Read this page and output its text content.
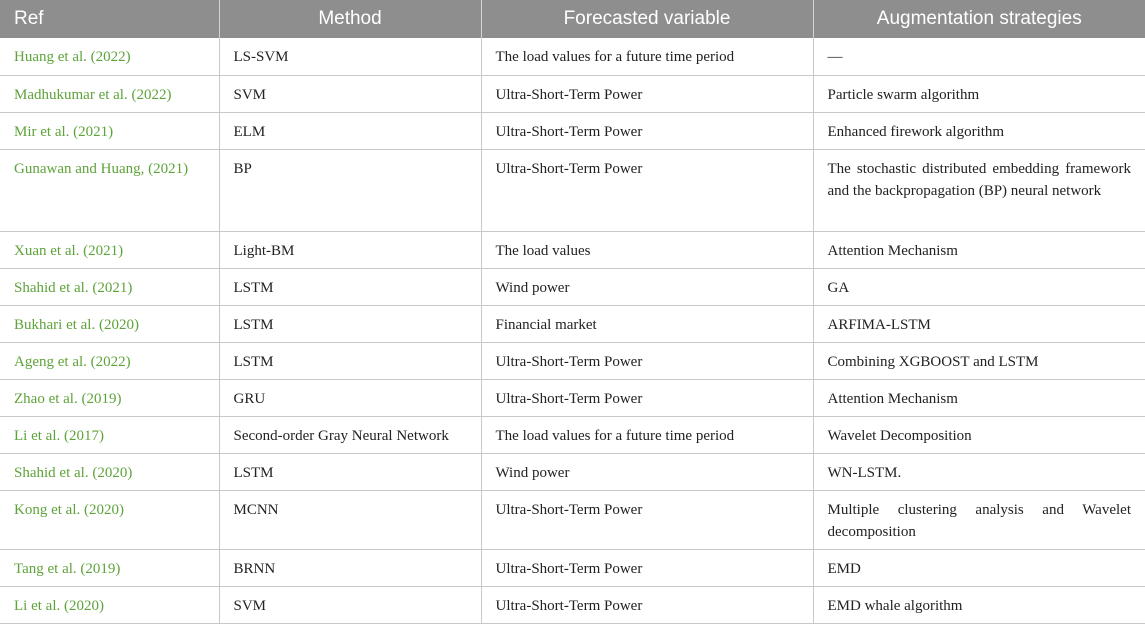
Ref	Method	Forecasted variable	Augmentation strategies
Huang et al. (2022)	LS-SVM	The load values for a future time period	—
Madhukumar et al. (2022)	SVM	Ultra-Short-Term Power	Particle swarm algorithm
Mir et al. (2021)	ELM	Ultra-Short-Term Power	Enhanced firework algorithm
Gunawan and Huang, (2021)	BP	Ultra-Short-Term Power	The stochastic distributed embedding framework and the backpropagation (BP) neural network
Xuan et al. (2021)	Light-BM	The load values	Attention Mechanism
Shahid et al. (2021)	LSTM	Wind power	GA
Bukhari et al. (2020)	LSTM	Financial market	ARFIMA-LSTM
Ageng et al. (2022)	LSTM	Ultra-Short-Term Power	Combining XGBOOST and LSTM
Zhao et al. (2019)	GRU	Ultra-Short-Term Power	Attention Mechanism
Li et al. (2017)	Second-order Gray Neural Network	The load values for a future time period	Wavelet Decomposition
Shahid et al. (2020)	LSTM	Wind power	WN-LSTM.
Kong et al. (2020)	MCNN	Ultra-Short-Term Power	Multiple clustering analysis and Wavelet decomposition
Tang et al. (2019)	BRNN	Ultra-Short-Term Power	EMD
Li et al. (2020)	SVM	Ultra-Short-Term Power	EMD whale algorithm
